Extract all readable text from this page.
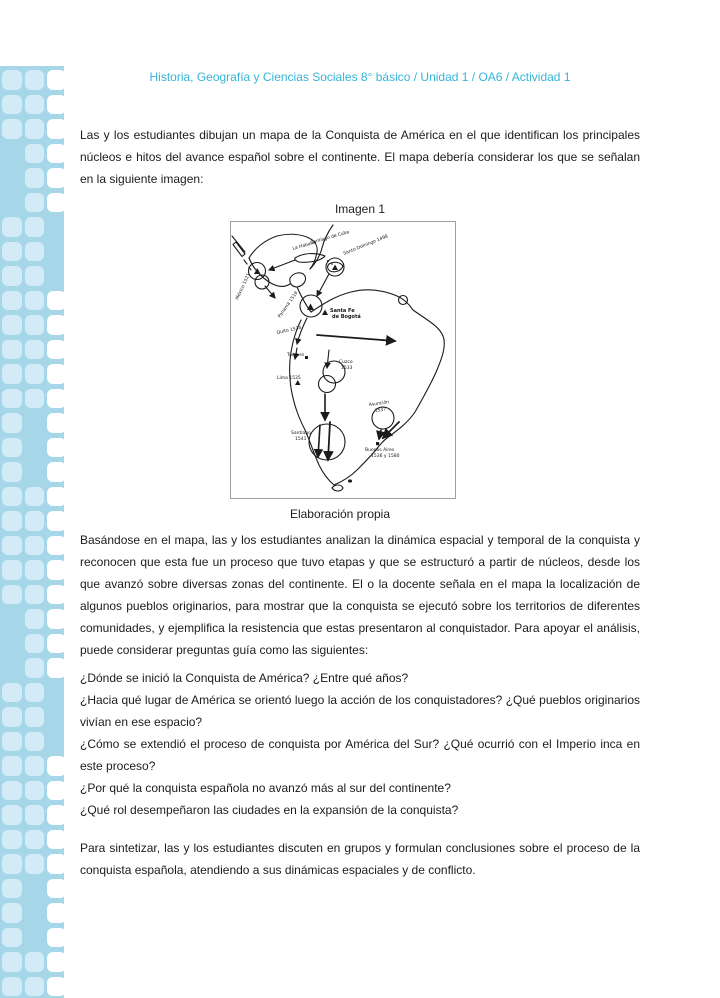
Historia, Geografía y Ciencias Sociales 8° básico / Unidad 1 / OA6 / Actividad 1
Las y los estudiantes dibujan un mapa de la Conquista de América en el que identifican los principales núcleos e hitos del avance español sobre el continente. El mapa debería considerar los que se señalan en la siguiente imagen:
Imagen 1
La Habana
Santiago de Cuba
Santo Domingo 1498
México 1521
Panamá 1519	Santa Fe
de Bogotá
Quito 1534
Tumbes
Lima 1535
Cuzco
1533
Asunción
1537
Santiago
1541
Buenos Aires
1536 y 1580
Elaboración propia
Basándose en el mapa, las y los estudiantes analizan la dinámica espacial y temporal de la conquista y reconocen que esta fue un proceso que tuvo etapas y que se estructuró a partir de núcleos, desde los que avanzó sobre diversas zonas del continente. El o la docente señala en el mapa la localización de algunos pueblos originarios, para mostrar que la conquista se ejecutó sobre los territorios de diferentes comunidades, y ejemplifica la resistencia que estas presentaron al conquistador. Para apoyar el análisis, puede considerar preguntas guía como las siguientes:
¿Dónde se inició la Conquista de América? ¿Entre qué años?
¿Hacia qué lugar de América se orientó luego la acción de los conquistadores? ¿Qué pueblos originarios vivían en ese espacio?
¿Cómo se extendió el proceso de conquista por América del Sur? ¿Qué ocurrió con el Imperio inca en este proceso?
¿Por qué la conquista española no avanzó más al sur del continente?
¿Qué rol desempeñaron las ciudades en la expansión de la conquista?
Para sintetizar, las y los estudiantes discuten en grupos y formulan conclusiones sobre el proceso de la conquista española, atendiendo a sus dinámicas espaciales y de conflicto.
